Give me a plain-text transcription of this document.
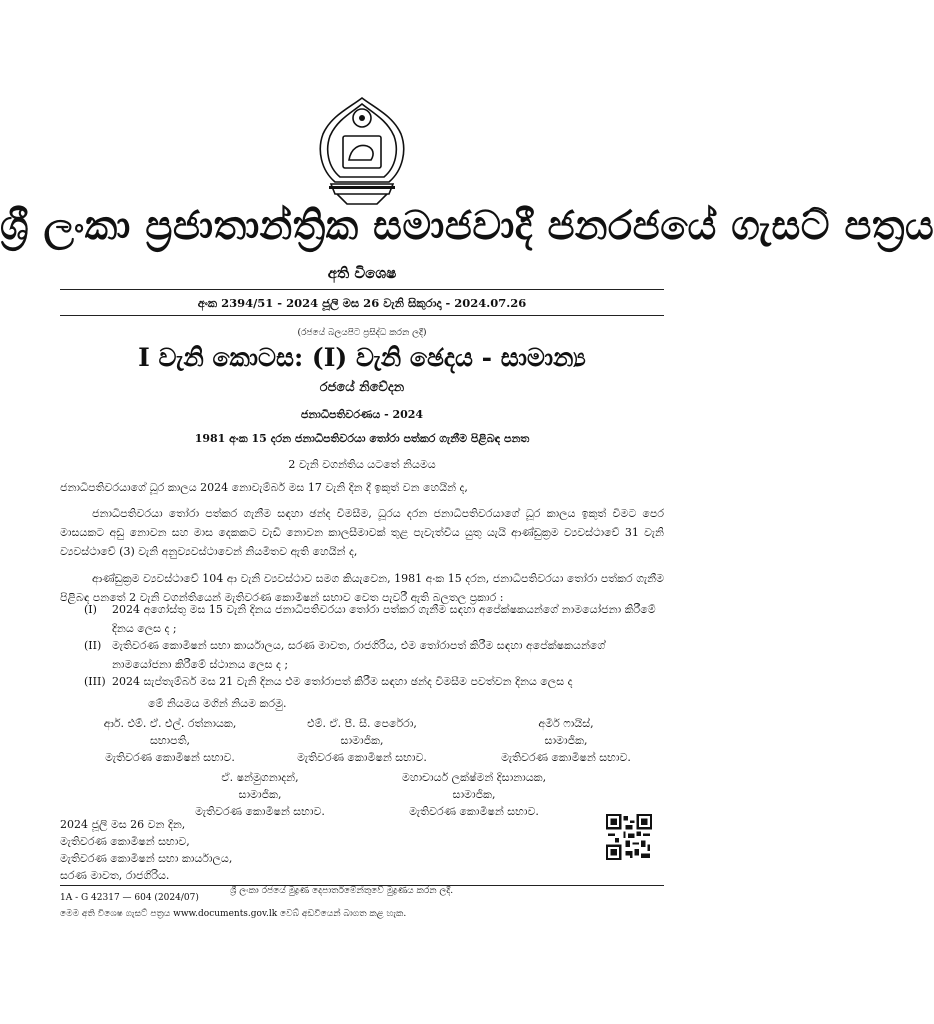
ශ්‍රී ලංකා ප්‍රජාතාන්ත්‍රික සමාජවාදී ජනරජයේ ගැසට් පත්‍රය
අති විශෙෂ
අංක 2394/51 - 2024 ජූලි මස 26 වැනි සිකුරාදා - 2024.07.26
(රජයේ බලයපිට ප්‍රසිද්ධ කරන ලදී)
I වැනි කොටස: (I) වැනි ඡෙදය - සාමාන්‍ය
රජයේ නිවේදන
ජනාධිපතිවරණය - 2024
1981 අංක 15 දරන ජනාධිපතිවරයා තෝරා පත්කර ගැනීම පිළිබඳ පනත
2 වැනි වගන්තිය යටතේ නියමය
ජනාධිපතිවරයාගේ ධූර කාලය 2024 නොවැම්බර් මස 17 වැනි දින දී ඉකුත් වන හෙයින් ද,
ජනාධිපතිවරයා තෝරා පත්කර ගැනීම සඳහා ඡන්ද විමසීම, ධූරය දරන ජනාධිපතිවරයාගේ ධූර කාලය ඉකුත් වීමට පෙර මාසයකට අඩු නොවන සහ මාස දෙකකට වැඩි නොවන කාලසීමාවක් තුළ පැවැත්විය යුතු යැයි ආණ්ඩුක්‍රම ව්‍යවස්ථාවේ 31 වැනි ව්‍යවස්ථාවේ (3) වැනි අනුව්‍යවස්ථාවෙන් නියමිතව ඇති හෙයින් ද,
ආණ්ඩුක්‍රම ව්‍යවස්ථාවේ 104 ආ වැනි ව්‍යවස්ථාව සමග කියැවෙන, 1981 අංක 15 දරන, ජනාධිපතිවරයා තෝරා පත්කර ගැනීම පිළිබඳ පනතේ 2 වැනි වගන්තියෙන් මැතිවරණ කොමිෂන් සභාව වෙත පැවරී ඇති බලතල ප්‍රකාර :
(I) 2024 අගෝස්තු මස 15 වැනි දිනය ජනාධිපතිවරයා තෝරා පත්කර ගැනීම සඳහා අපේක්ෂකයන්ගේ නාමයෝජනා කිරීමේ දිනය ලෙස ද ;
(II) මැතිවරණ කොමිෂන් සභා කාර්යාලය, සරණ මාවත, රාජගිරිය, එම තෝරාපත් කිරීම සඳහා අපේක්ෂකයන්ගේ නාමයෝජනා කිරීමේ ස්ථානය ලෙස ද ;
(III) 2024 සැප්තැම්බර් මස 21 වැනි දිනය එම තෝරාපත් කිරීම සඳහා ඡන්ද විමසීම පවත්වන දිනය ලෙස ද
මේ නියමය මගින් නියම කරමු.
ආර්. එම්. ඒ. එල්. රත්නායක,
සභාපති,
මැතිවරණ කොමිෂන් සභාව.
එම්. ඒ. පී. සී. පෙරේරා,
සාමාජික,
මැතිවරණ කොමිෂන් සභාව.
අමීර් ෆායිස්,
සාමාජික,
මැතිවරණ කොමිෂන් සභාව.
ඒ. ෂන්මුගනාදන්,
සාමාජික,
මැතිවරණ කොමිෂන් සභාව.
මහාචාර්ය ලක්ෂ්මන් දිසානායක,
සාමාජික,
මැතිවරණ කොමිෂන් සභාව.
2024 ජූලි මස 26 වන දින,
මැතිවරණ කොමිෂන් සභාව,
මැතිවරණ කොමිෂන් සභා කාර්යාලය,
සරණ මාවත, රාජගිරිය.
1A - G 42317 — 604 (2024/07)
ශ්‍රී ලංකා රජයේ මුද්‍රණ දෙපාර්තමේන්තුවේ මුද්‍රණය කරන ලදී.
මෙම අති විශෙෂ ගැසට් පත්‍රය www.documents.gov.lk වෙබ් අඩවියෙන් බාගත කළ හැක.
